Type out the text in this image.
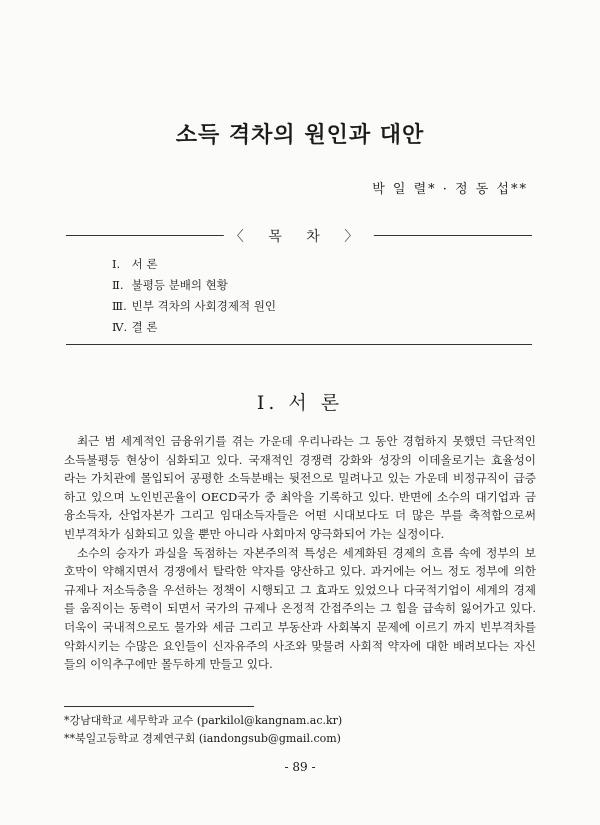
소득 격차의 원인과 대안
박 일 렬* · 정 동 섭**
〈 목 차 〉
Ⅰ. 서 론
Ⅱ. 불평등 분배의 현황
Ⅲ. 빈부 격차의 사회경제적 원인
Ⅳ. 결 론
Ⅰ. 서 론
　최근 범 세계적인 금융위기를 겪는 가운데 우리나라는 그 동안 경험하지 못했던 극단적인
소득불평등 현상이 심화되고 있다. 국재적인 경쟁력 강화와 성장의 이데올로기는 효율성이
라는 가치관에 몰입되어 공평한 소득분배는 뒷전으로 밀려나고 있는 가운데 비정규직이 급증
하고 있으며 노인빈곤율이 OECD국가 중 최악을 기록하고 있다. 반면에 소수의 대기업과 금
융소득자, 산업자본가 그리고 임대소득자들은 어떤 시대보다도 더 많은 부를 축적함으로써
빈부격차가 심화되고 있을 뿐만 아니라 사회마저 양극화되어 가는 실정이다.
　소수의 승자가 과실을 독점하는 자본주의적 특성은 세계화된 경제의 흐름 속에 정부의 보
호막이 약해지면서 경쟁에서 탈락한 약자를 양산하고 있다. 과거에는 어느 정도 정부에 의한
규제나 저소득층을 우선하는 정책이 시행되고 그 효과도 있었으나 다국적기업이 세계의 경제
를 움직이는 동력이 되면서 국가의 규제나 온정적 간접주의는 그 힘을 급속히 잃어가고 있다.
더욱이 국내적으로도 물가와 세금 그리고 부동산과 사회복지 문제에 이르기 까지 빈부격차를
악화시키는 수많은 요인들이 신자유주의 사조와 맞물려 사회적 약자에 대한 배려보다는 자신
들의 이익추구에만 몰두하게 만들고 있다.
*강남대학교 세무학과 교수 (parkilol@kangnam.ac.kr)
**북일고등학교 경제연구회 (iandongsub@gmail.com)
- 89 -
